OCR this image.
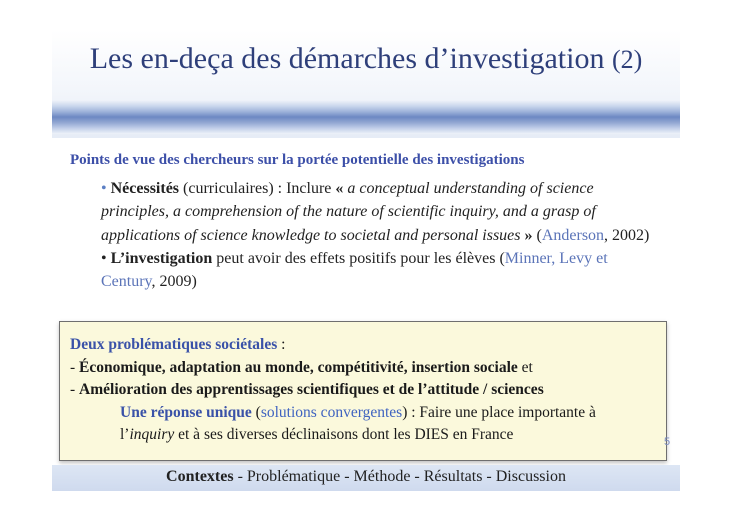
Les en-deça des démarches d’investigation (2)
Points de vue des chercheurs sur la portée potentielle des investigations

• Nécessités (curriculaires) : Inclure « a conceptual understanding of science principles, a comprehension of the nature of scientific inquiry, and a grasp of applications of science knowledge to societal and personal issues » (Anderson, 2002)

• L’investigation peut avoir des effets positifs pour les élèves (Minner, Levy et Century, 2009)

Deux problématiques sociétales :

- Économique, adaptation au monde, compétitivité, insertion sociale et

- Amélioration des apprentissages scientifiques et de l’attitude / sciences

Une réponse unique (solutions convergentes) : Faire une place importante à

l’inquiry et à ses diverses déclinaisons dont les DIES en France	5
Contextes - Problématique - Méthode - Résultats - Discussion
